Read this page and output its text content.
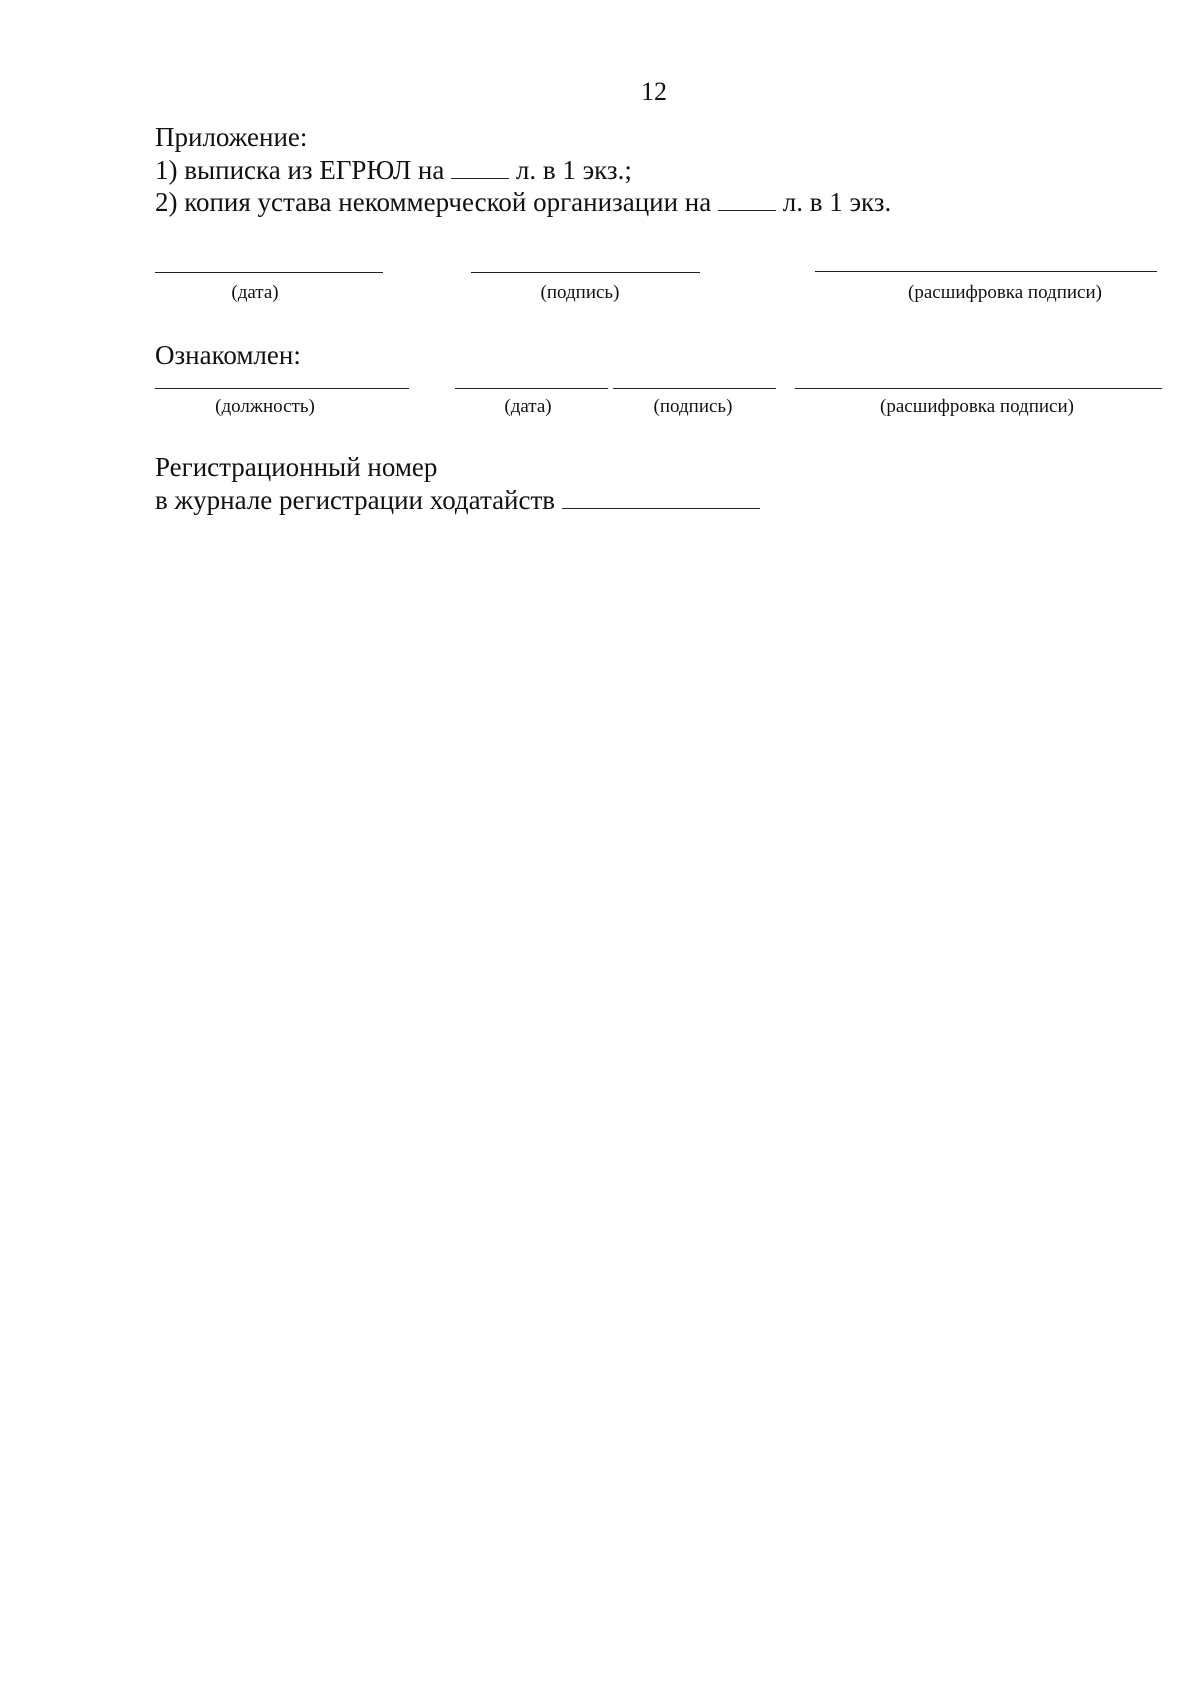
12
Приложение:
1) выписка из ЕГРЮЛ на	л. в 1 экз.;
2) копия устава некоммерческой организации на	л. в 1 экз.
(дата)	(подпись)	(расшифровка подписи)
Ознакомлен:
(должность)	(дата)	(подпись)	(расшифровка подписи)
Регистрационный номер
в журнале регистрации ходатайств
